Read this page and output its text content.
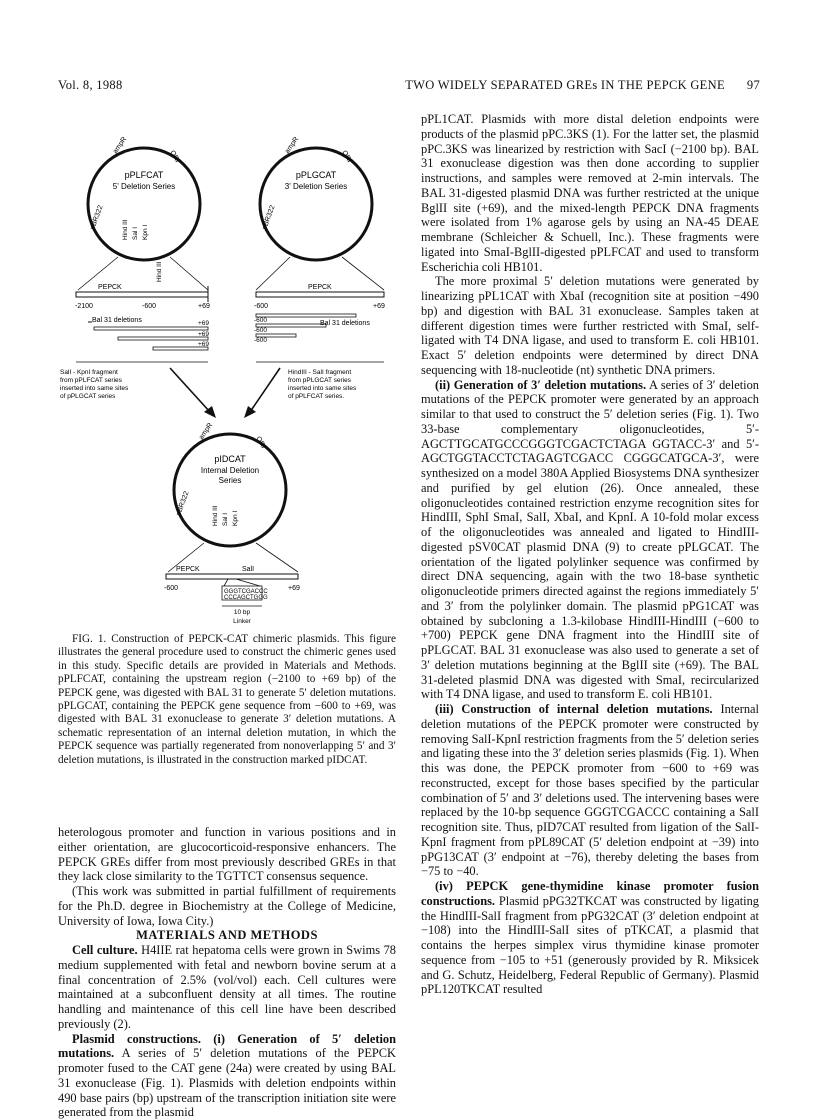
Vol. 8, 1988	TWO WIDELY SEPARATED GREs IN THE PEPCK GENE 97
pPLFCAT
5' Deletion Series
ampR
ORI
pBR322	Hind III Sal I Kpn I
Hind III
PEPCK
-2100	-600	+69
Bal 31 deletions	+69
+69
+69
pPLGCAT
3' Deletion Series
ampR
ORI
pBR322
PEPCK
-600	+69
-600
-600
-600
Bal 31 deletions
SalI - KpnI fragment
from pPLFCAT series
inserted into same sites
of pPLGCAT series
HindIII - SalI fragment
from pPLGCAT series
inserted into same sites
of pPLFCAT series.
pIDCAT
Internal Deletion
Series
ampR
ORI
pBR322	Hind III Sal I Kpn I
PEPCK	SalI
-600	+69
GGGTCGACCC
CCCAGCTGGG
10 bp
Linker
FIG. 1. Construction of PEPCK-CAT chimeric plasmids. This figure illustrates the general procedure used to construct the chimeric genes used in this study. Specific details are provided in Materials and Methods. pPLFCAT, containing the upstream region (−2100 to +69 bp) of the PEPCK gene, was digested with BAL 31 to generate 5′ deletion mutations. pPLGCAT, containing the PEPCK gene sequence from −600 to +69, was digested with BAL 31 exonuclease to generate 3′ deletion mutations. A schematic representation of an internal deletion mutation, in which the PEPCK sequence was partially regenerated from nonoverlapping 5′ and 3′ deletion mutations, is illustrated in the construction marked pIDCAT.

heterologous promoter and function in various positions and in either orientation, are glucocorticoid-responsive enhancers. The PEPCK GREs differ from most previously described GREs in that they lack close similarity to the TGTTCT consensus sequence.

(This work was submitted in partial fulfillment of requirements for the Ph.D. degree in Biochemistry at the College of Medicine, University of Iowa, Iowa City.)

MATERIALS AND METHODS

Cell culture. H4IIE rat hepatoma cells were grown in Swims 78 medium supplemented with fetal and newborn bovine serum at a final concentration of 2.5% (vol/vol) each. Cell cultures were maintained at a subconfluent density at all times. The routine handling and maintenance of this cell line have been described previously (2).

Plasmid constructions. (i) Generation of 5′ deletion mutations. A series of 5′ deletion mutations of the PEPCK promoter fused to the CAT gene (24a) were created by using BAL 31 exonuclease (Fig. 1). Plasmids with deletion endpoints within 490 base pairs (bp) upstream of the transcription initiation site were generated from the plasmid

pPL1CAT. Plasmids with more distal deletion endpoints were products of the plasmid pPC.3KS (1). For the latter set, the plasmid pPC.3KS was linearized by restriction with SacI (−2100 bp). BAL 31 exonuclease digestion was then done according to supplier instructions, and samples were removed at 2-min intervals. The BAL 31-digested plasmid DNA was further restricted at the unique BglII site (+69), and the mixed-length PEPCK DNA fragments were isolated from 1% agarose gels by using an NA-45 DEAE membrane (Schleicher & Schuell, Inc.). These fragments were ligated into SmaI-BglII-digested pPLFCAT and used to transform Escherichia coli HB101.

The more proximal 5′ deletion mutations were generated by linearizing pPL1CAT with XbaI (recognition site at position −490 bp) and digestion with BAL 31 exonuclease. Samples taken at different digestion times were further restricted with SmaI, self-ligated with T4 DNA ligase, and used to transform E. coli HB101. Exact 5′ deletion endpoints were determined by direct DNA sequencing with 18-nucleotide (nt) synthetic DNA primers.

(ii) Generation of 3′ deletion mutations. A series of 3′ deletion mutations of the PEPCK promoter were generated by an approach similar to that used to construct the 5′ deletion series (Fig. 1). Two 33-base complementary oligonucleotides, 5′-AGCTTGCATGCCCGGGTCGACTCTAGA GGTACC-3′ and 5′-AGCTGGTACCTCTAGAGTCGACC CGGGCATGCA-3′, were synthesized on a model 380A Applied Biosystems DNA synthesizer and purified by gel elution (26). Once annealed, these oligonucleotides contained restriction enzyme recognition sites for HindIII, SphI SmaI, SalI, XbaI, and KpnI. A 10-fold molar excess of the oligonucleotides was annealed and ligated to HindIII-digested pSV0CAT plasmid DNA (9) to create pPLGCAT. The orientation of the ligated polylinker sequence was confirmed by direct DNA sequencing, again with the two 18-base synthetic oligonucleotide primers directed against the regions immediately 5′ and 3′ from the polylinker domain. The plasmid pPG1CAT was obtained by subcloning a 1.3-kilobase HindIII-HindIII (−600 to +700) PEPCK gene DNA fragment into the HindIII site of pPLGCAT. BAL 31 exonuclease was also used to generate a set of 3′ deletion mutations beginning at the BglII site (+69). The BAL 31-deleted plasmid DNA was digested with SmaI, recircularized with T4 DNA ligase, and used to transform E. coli HB101.

(iii) Construction of internal deletion mutations. Internal deletion mutations of the PEPCK promoter were constructed by removing SalI-KpnI restriction fragments from the 5′ deletion series and ligating these into the 3′ deletion series plasmids (Fig. 1). When this was done, the PEPCK promoter from −600 to +69 was reconstructed, except for those bases specified by the particular combination of 5′ and 3′ deletions used. The intervening bases were replaced by the 10-bp sequence GGGTCGACCC containing a SalI recognition site. Thus, pID7CAT resulted from ligation of the SalI-KpnI fragment from pPL89CAT (5′ deletion endpoint at −39) into pPG13CAT (3′ endpoint at −76), thereby deleting the bases from −75 to −40.

(iv) PEPCK gene-thymidine kinase promoter fusion constructions. Plasmid pPG32TKCAT was constructed by ligating the HindIII-SalI fragment from pPG32CAT (3′ deletion endpoint at −108) into the HindIII-SalI sites of pTKCAT, a plasmid that contains the herpes simplex virus thymidine kinase promoter sequence from −105 to +51 (generously provided by R. Miksicek and G. Schutz, Heidelberg, Federal Republic of Germany). Plasmid pPL120TKCAT resulted
